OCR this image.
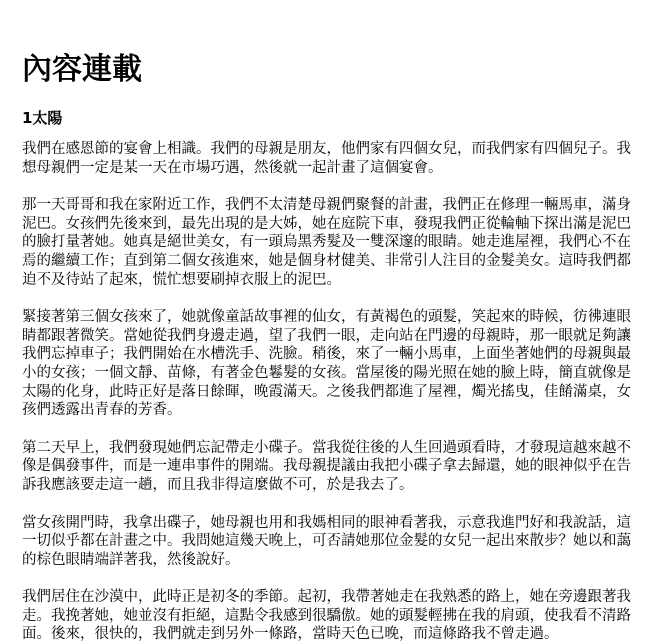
內容連載
1太陽

我們在感恩節的宴會上相識。我們的母親是朋友，他們家有四個女兒，而我們家有四個兒子。我想母親們一定是某一天在市場巧遇，然後就一起計畫了這個宴會。

那一天哥哥和我在家附近工作，我們不太清楚母親們聚餐的計畫，我們正在修理一輛馬車，滿身泥巴。女孩們先後來到，最先出現的是大姊，她在庭院下車，發現我們正從輪軸下探出滿是泥巴的臉打量著她。她真是絕世美女，有一頭烏黑秀髮及一雙深邃的眼睛。她走進屋裡，我們心不在焉的繼續工作；直到第二個女孩進來，她是個身材健美、非常引人注目的金髮美女。這時我們都迫不及待站了起來，慌忙想要刷掉衣服上的泥巴。

緊接著第三個女孩來了，她就像童話故事裡的仙女，有黃褐色的頭髮，笑起來的時候，彷彿連眼睛都跟著微笑。當她從我們身邊走過，望了我們一眼，走向站在門邊的母親時，那一眼就足夠讓我們忘掉車子；我們開始在水槽洗手、洗臉。稍後，來了一輛小馬車，上面坐著她們的母親與最小的女孩；一個文靜、苗條，有著金色鬈髮的女孩。當屋後的陽光照在她的臉上時，簡直就像是太陽的化身，此時正好是落日餘暉，晚霞滿天。之後我們都進了屋裡，燭光搖曳，佳餚滿桌，女孩們透露出青春的芳香。

第二天早上，我們發現她們忘記帶走小碟子。當我從往後的人生回過頭看時，才發現這越來越不像是偶發事件，而是一連串事件的開端。我母親提議由我把小碟子拿去歸還，她的眼神似乎在告訴我應該要走這一趟，而且我非得這麼做不可，於是我去了。

當女孩開門時，我拿出碟子，她母親也用和我媽相同的眼神看著我，示意我進門好和我說話，這一切似乎都在計畫之中。我問她這幾天晚上，可否請她那位金髮的女兒一起出來散步？她以和藹的棕色眼睛端詳著我，然後說好。

我們居住在沙漠中，此時正是初冬的季節。起初，我帶著她走在我熟悉的路上，她在旁邊跟著我走。我挽著她，她並沒有拒絕，這點令我感到很驕傲。她的頭髮輕拂在我的肩頭，使我看不清路面。後來，很快的，我們就走到另外一條路，當時天色已晚，而這條路我不曾走過。
